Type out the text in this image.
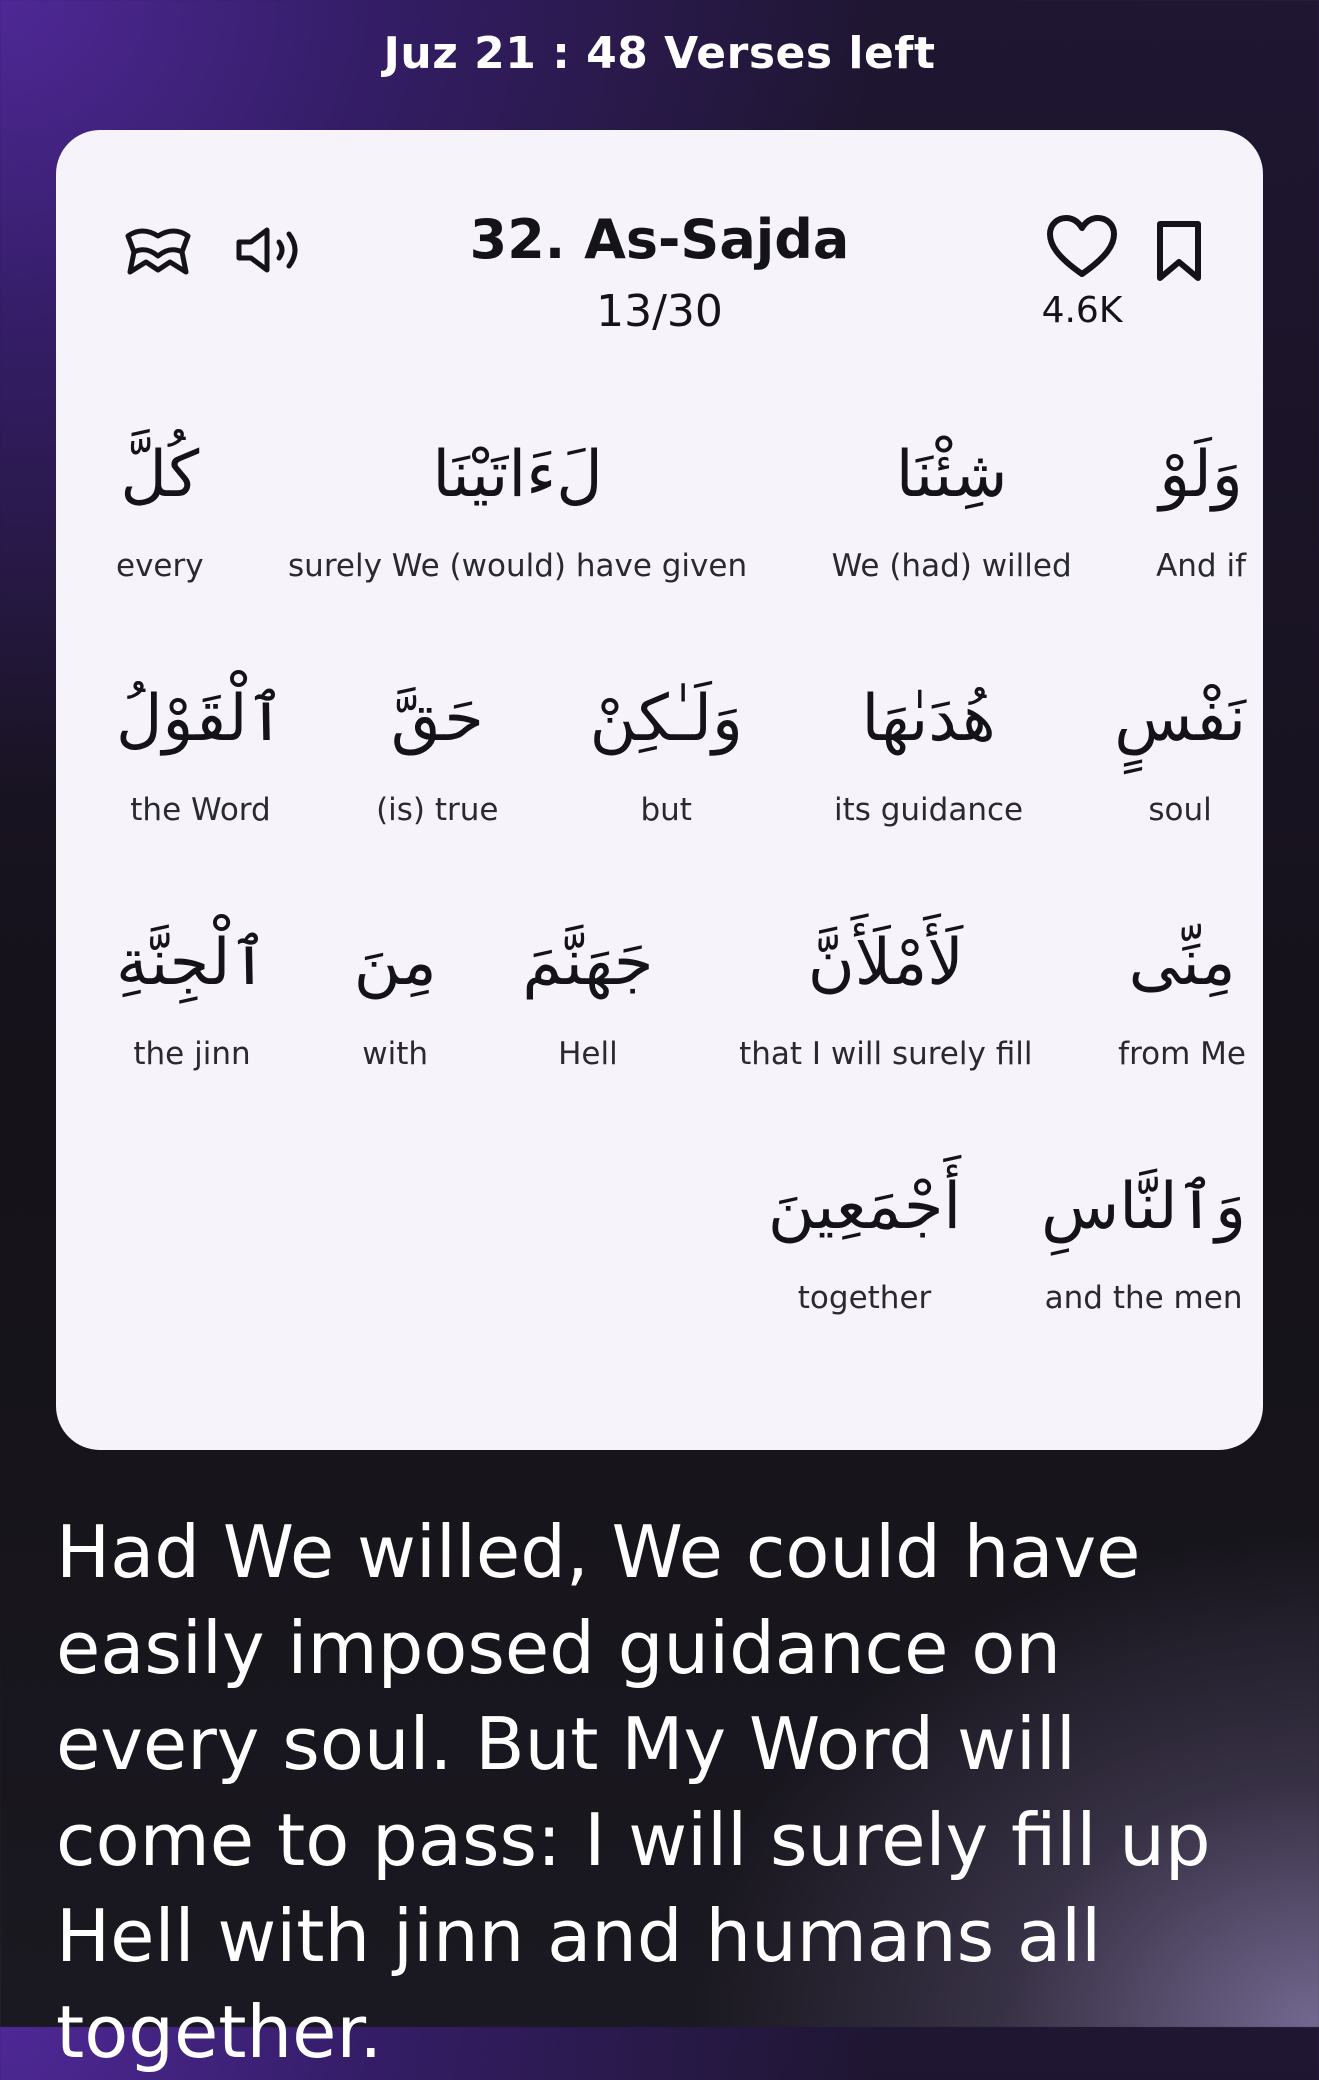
Juz 21 : 48 Verses left
32. As-Sajda
13/30	4.6K
وَلَوْ
And if
شِئْنَا
We (had) willed
لَءَاتَيْنَا
surely We (would) have given
كُلَّ
every
نَفْسٍ
soul
هُدَىٰهَا
its guidance
وَلَـٰكِنْ
but
حَقَّ
(is) true
ٱلْقَوْلُ
the Word
مِنِّى
from Me
لَأَمْلَأَنَّ
that I will surely fill
جَهَنَّمَ
Hell
مِنَ
with
ٱلْجِنَّةِ
the jinn
وَٱلنَّاسِ
and the men
أَجْمَعِينَ
together
Had We willed, We could have easily imposed guidance on every soul. But My Word will come to pass: I will surely fill up Hell with jinn and humans all together.
